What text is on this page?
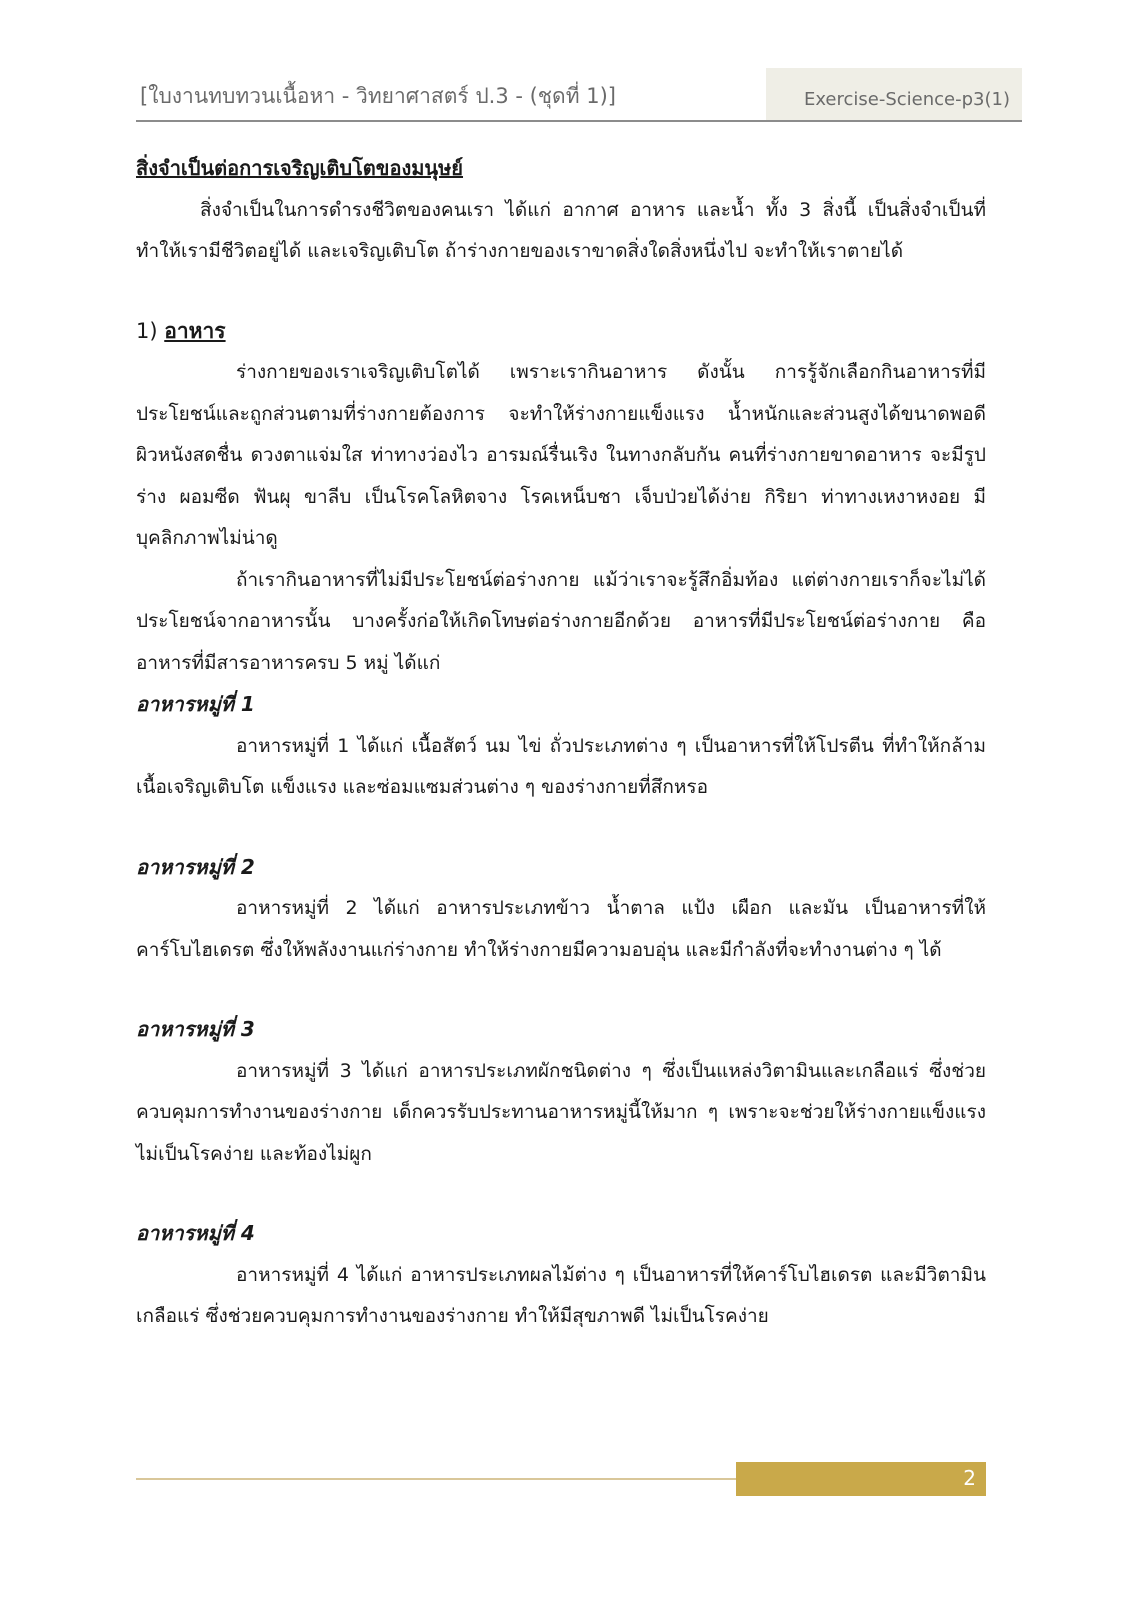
[ใบงานทบทวนเนื้อหา - วิทยาศาสตร์ ป.3 - (ชุดที่ 1)]	Exercise-Science-p3(1)

สิ่งจำเป็นต่อการเจริญเติบโตของมนุษย์

สิ่งจำเป็นในการดำรงชีวิตของคนเรา ได้แก่ อากาศ อาหาร และน้ำ ทั้ง 3 สิ่งนี้ เป็นสิ่งจำเป็นที่ทำให้เรามีชีวิตอยู่ได้ และเจริญเติบโต ถ้าร่างกายของเราขาดสิ่งใดสิ่งหนึ่งไป จะทำให้เราตายได้

1) อาหาร

ร่างกายของเราเจริญเติบโตได้ เพราะเรากินอาหาร ดังนั้น การรู้จักเลือกกินอาหารที่มีประโยชน์และถูกส่วนตามที่ร่างกายต้องการ จะทำให้ร่างกายแข็งแรง น้ำหนักและส่วนสูงได้ขนาดพอดี ผิวหนังสดชื่น ดวงตาแจ่มใส ท่าทางว่องไว อารมณ์รื่นเริง ในทางกลับกัน คนที่ร่างกายขาดอาหาร จะมีรูปร่าง ผอมซีด ฟันผุ ขาลีบ เป็นโรคโลหิตจาง โรคเหน็บชา เจ็บป่วยได้ง่าย กิริยา ท่าทางเหงาหงอย มีบุคลิกภาพไม่น่าดู

ถ้าเรากินอาหารที่ไม่มีประโยชน์ต่อร่างกาย แม้ว่าเราจะรู้สึกอิ่มท้อง แต่ต่างกายเราก็จะไม่ได้ประโยชน์จากอาหารนั้น บางครั้งก่อให้เกิดโทษต่อร่างกายอีกด้วย อาหารที่มีประโยชน์ต่อร่างกาย คือ อาหารที่มีสารอาหารครบ 5 หมู่ ได้แก่

อาหารหมู่ที่ 1

อาหารหมู่ที่ 1 ได้แก่ เนื้อสัตว์ นม ไข่ ถั่วประเภทต่าง ๆ เป็นอาหารที่ให้โปรตีน ที่ทำให้กล้ามเนื้อเจริญเติบโต แข็งแรง และซ่อมแซมส่วนต่าง ๆ ของร่างกายที่สึกหรอ

อาหารหมู่ที่ 2

อาหารหมู่ที่ 2 ได้แก่ อาหารประเภทข้าว น้ำตาล แป้ง เผือก และมัน เป็นอาหารที่ให้คาร์โบไฮเดรต ซึ่งให้พลังงานแก่ร่างกาย ทำให้ร่างกายมีความอบอุ่น และมีกำลังที่จะทำงานต่าง ๆ ได้

อาหารหมู่ที่ 3

อาหารหมู่ที่ 3 ได้แก่ อาหารประเภทผักชนิดต่าง ๆ ซึ่งเป็นแหล่งวิตามินและเกลือแร่ ซึ่งช่วยควบคุมการทำงานของร่างกาย เด็กควรรับประทานอาหารหมู่นี้ให้มาก ๆ เพราะจะช่วยให้ร่างกายแข็งแรง ไม่เป็นโรคง่าย และท้องไม่ผูก

อาหารหมู่ที่ 4

อาหารหมู่ที่ 4 ได้แก่ อาหารประเภทผลไม้ต่าง ๆ เป็นอาหารที่ให้คาร์โบไฮเดรต และมีวิตามิน เกลือแร่ ซึ่งช่วยควบคุมการทำงานของร่างกาย ทำให้มีสุขภาพดี ไม่เป็นโรคง่าย

2
